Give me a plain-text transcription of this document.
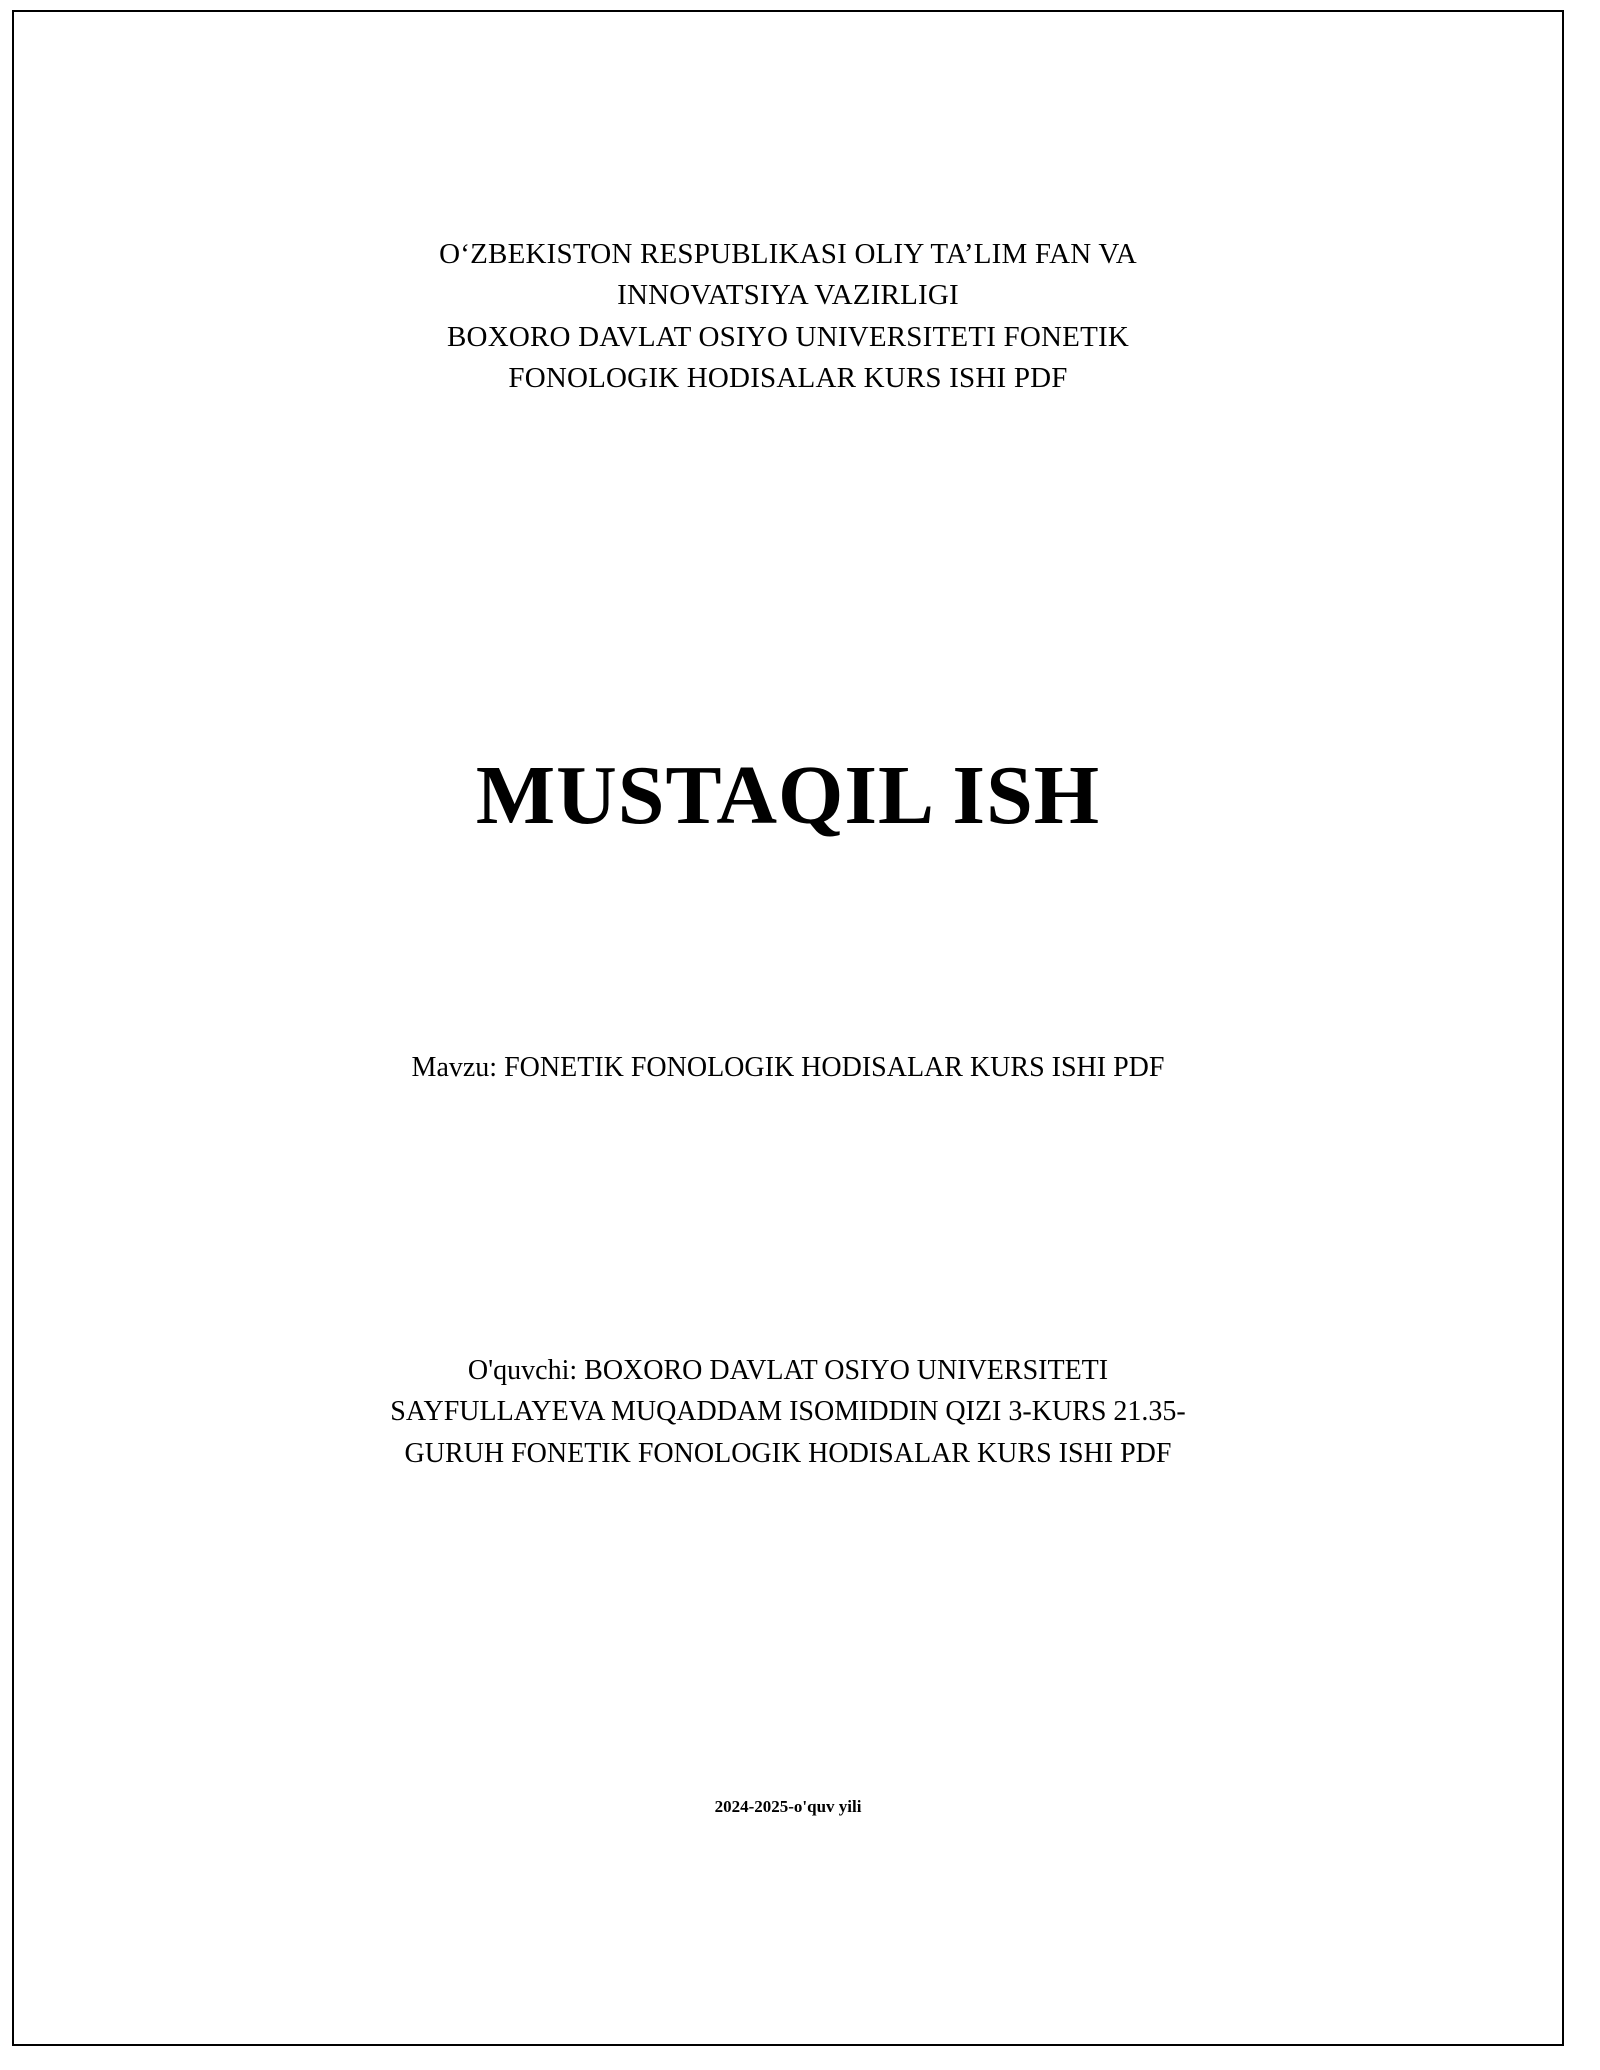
O‘ZBEKISTON RESPUBLIKASI OLIY TA’LIM FAN VA
INNOVATSIYA VAZIRLIGI
BOXORO DAVLAT OSIYO UNIVERSITETI FONETIK
FONOLOGIK HODISALAR KURS ISHI PDF
MUSTAQIL ISH
Mavzu: FONETIK FONOLOGIK HODISALAR KURS ISHI PDF
O'quvchi: BOXORO DAVLAT OSIYO UNIVERSITETI
SAYFULLAYEVA MUQADDAM ISOMIDDIN QIZI 3-KURS 21.35-
GURUH FONETIK FONOLOGIK HODISALAR KURS ISHI PDF
2024-2025-o'quv yili
